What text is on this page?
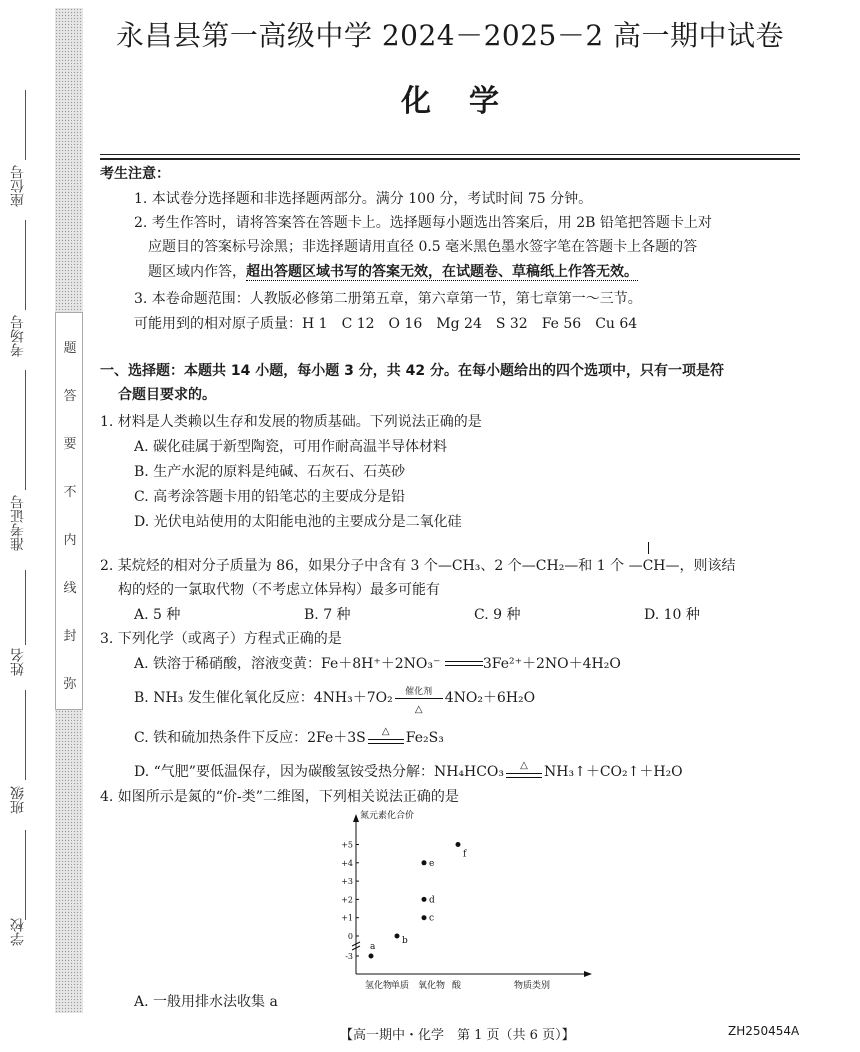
题
答
要
不
内
线
封
弥
座位号
考场号
准考证号
姓名
班级
学校
永昌县第一高级中学 2024－2025－2 高一期中试卷
化学
考生注意：
1. 本试卷分选择题和非选择题两部分。满分 100 分，考试时间 75 分钟。
2. 考生作答时，请将答案答在答题卡上。选择题每小题选出答案后，用 2B 铅笔把答题卡上对
应题目的答案标号涂黑；非选择题请用直径 0.5 毫米黑色墨水签字笔在答题卡上各题的答
题区域内作答，超出答题区域书写的答案无效，在试题卷、草稿纸上作答无效。
3. 本卷命题范围：人教版必修第二册第五章，第六章第一节，第七章第一～三节。
可能用到的相对原子质量：H 1　C 12　O 16　Mg 24　S 32　Fe 56　Cu 64
一、选择题：本题共 14 小题，每小题 3 分，共 42 分。在每小题给出的四个选项中，只有一项是符
合题目要求的。
1. 材料是人类赖以生存和发展的物质基础。下列说法正确的是
A. 碳化硅属于新型陶瓷，可用作耐高温半导体材料
B. 生产水泥的原料是纯碱、石灰石、石英砂
C. 高考涂答题卡用的铅笔芯的主要成分是铅
D. 光伏电站使用的太阳能电池的主要成分是二氧化硅
2. 某烷烃的相对分子质量为 86，如果分子中含有 3 个—CH₃、2 个—CH₂—和 1 个 —CH—，则该结
构的烃的一氯取代物（不考虑立体异构）最多可能有
A. 5 种	B. 7 种	C. 9 种	D. 10 种
3. 下列化学（或离子）方程式正确的是
A. 铁溶于稀硝酸，溶液变黄：Fe＋8H⁺＋2NO₃⁻	3Fe²⁺＋2NO＋4H₂O
B. NH₃ 发生催化氧化反应：4NH₃＋7O₂	催化剂
△
4NO₂＋6H₂O
C. 铁和硫加热条件下反应：2Fe＋3S	△	Fe₂S₃
D. “气肥”要低温保存，因为碳酸氢铵受热分解：NH₄HCO₃	△	NH₃↑＋CO₂↑＋H₂O
4. 如图所示是氮的“价-类”二维图，下列相关说法正确的是
+5
+4
+3
+2
+1
0
-3
氮元素化合价
氢化物
单质 氧化物 酸	物质类别
a
b
c
d
e
f
A. 一般用排水法收集 a
【高一期中・化学　第 1 页（共 6 页）】	ZH250454A
